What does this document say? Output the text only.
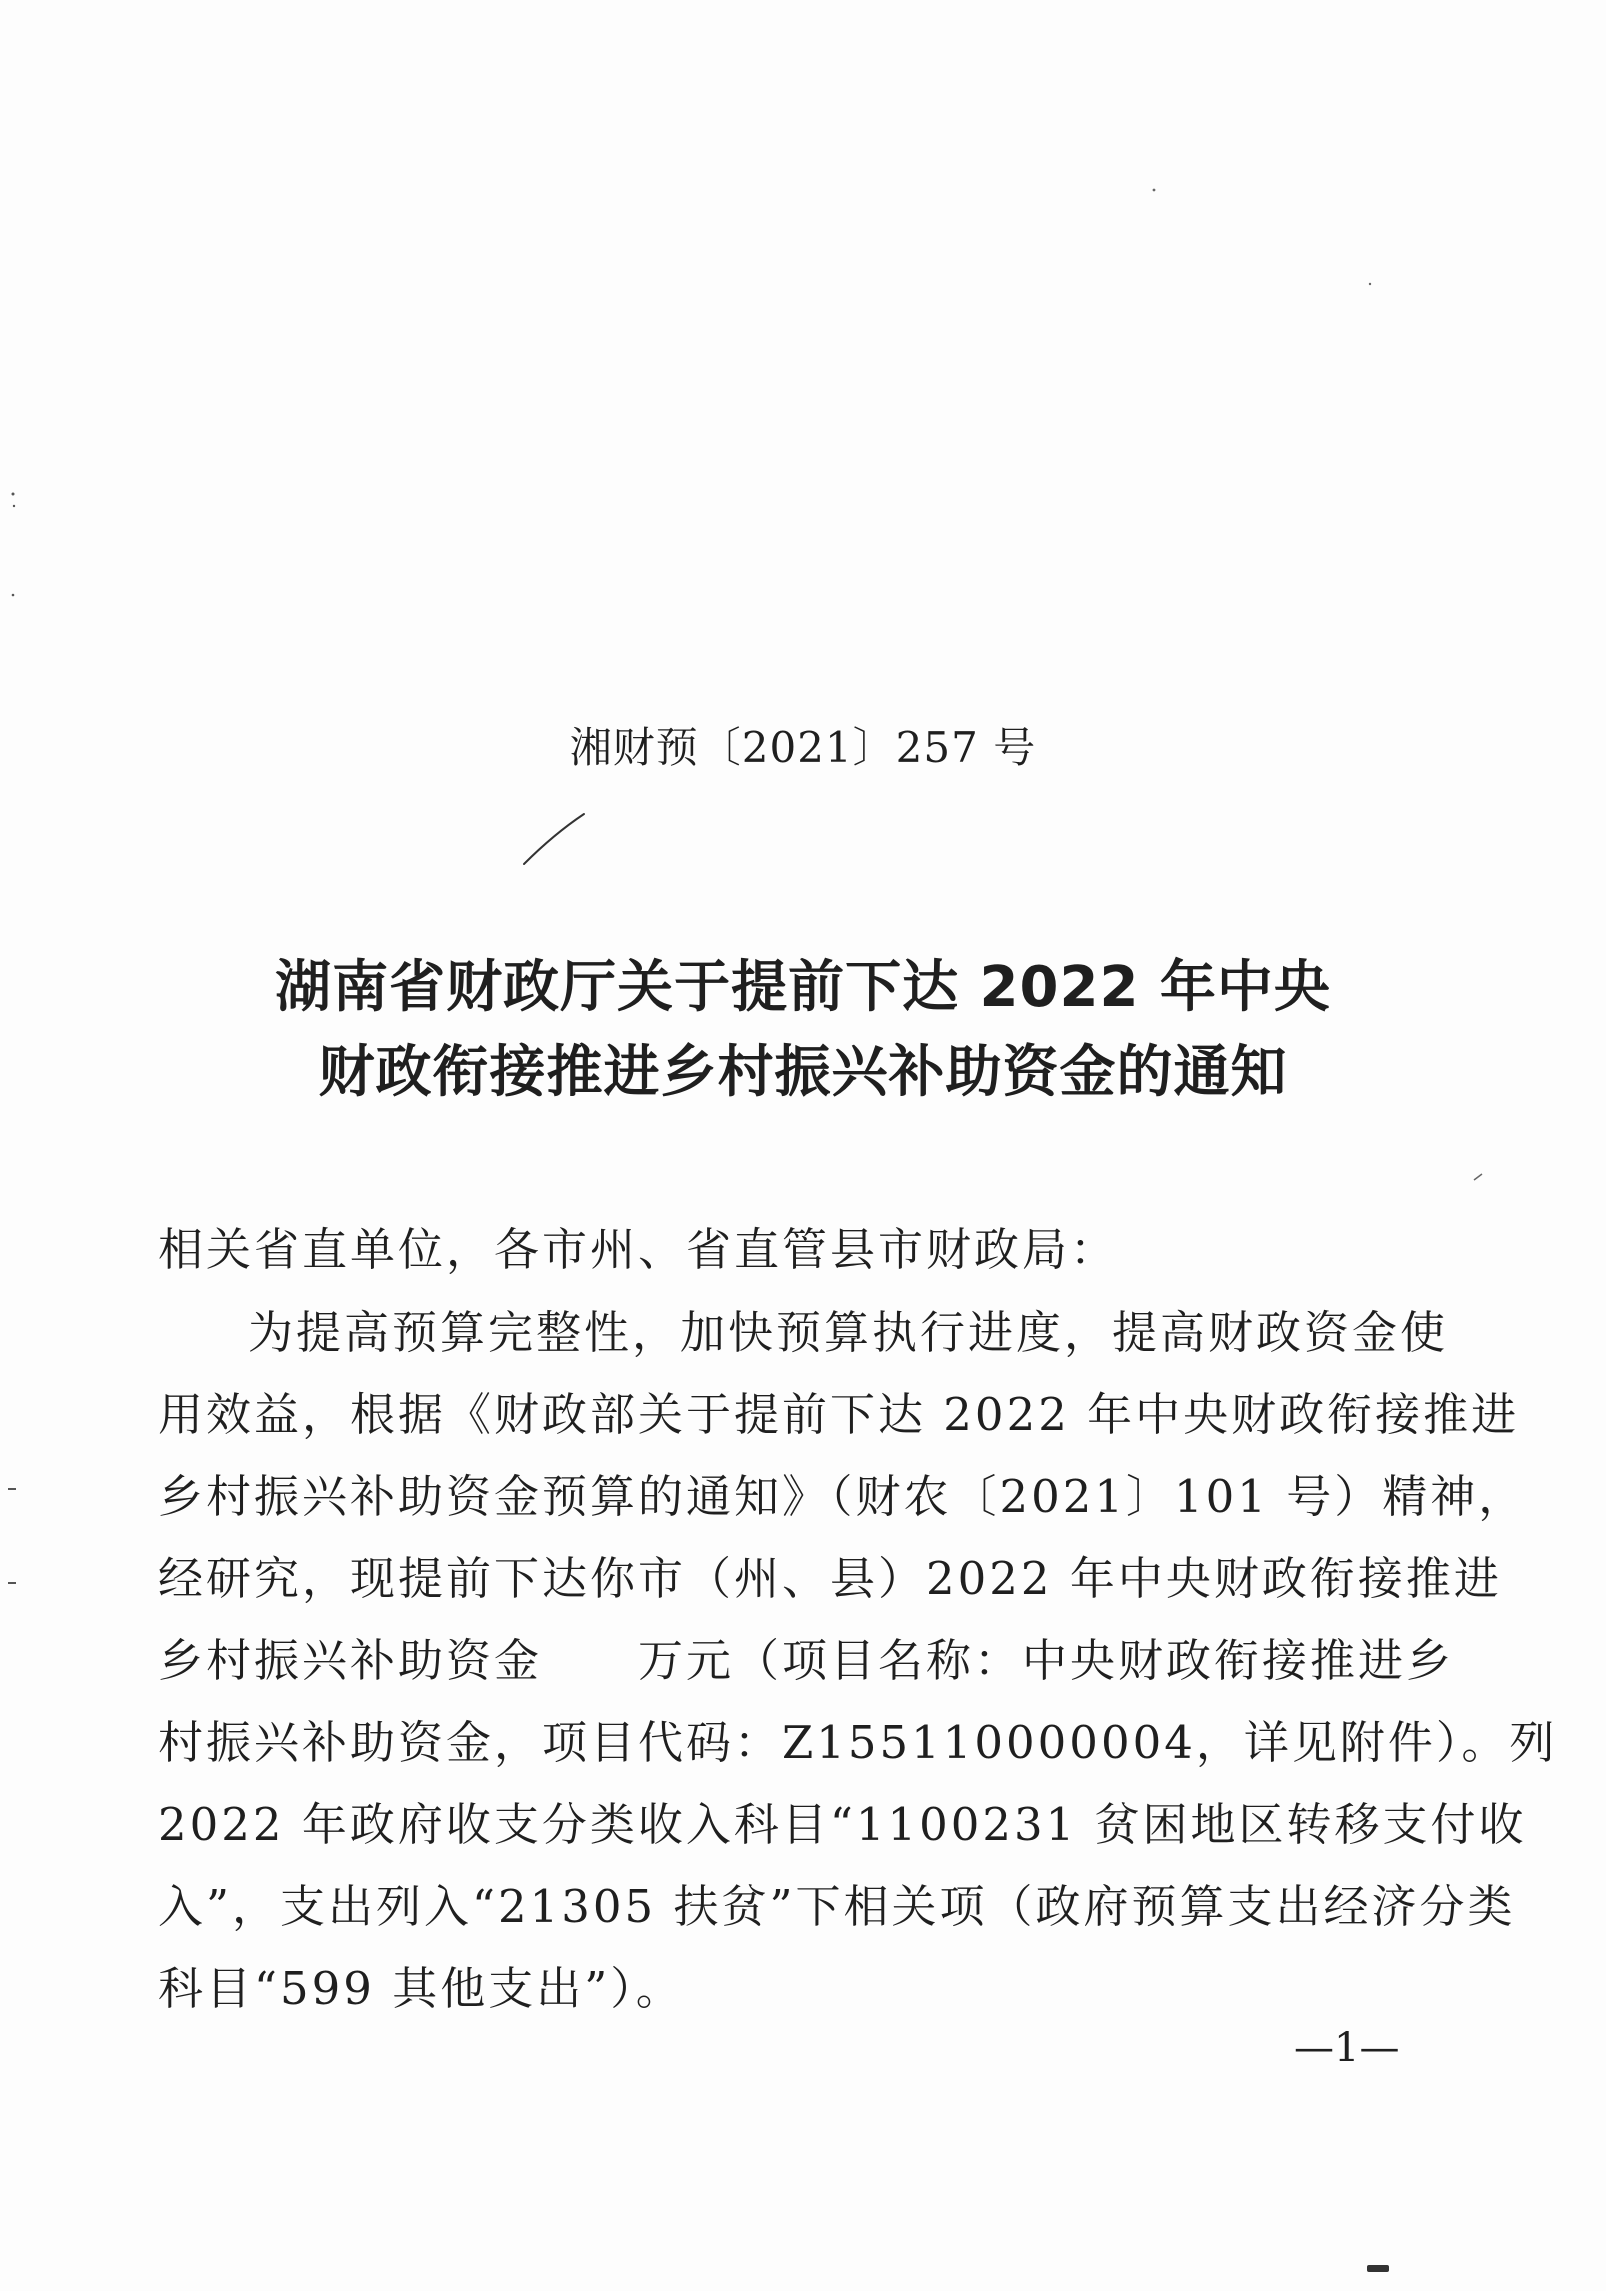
湘财预〔2021〕257 号
湖南省财政厅关于提前下达 2022 年中央
财政衔接推进乡村振兴补助资金的通知
相关省直单位，各市州、省直管县市财政局：
为提高预算完整性，加快预算执行进度，提高财政资金使
用效益，根据《财政部关于提前下达 2022 年中央财政衔接推进
乡村振兴补助资金预算的通知》（财农〔2021〕101 号）精神，
经研究，现提前下达你市（州、县）2022 年中央财政衔接推进
乡村振兴补助资金　　万元（项目名称：中央财政衔接推进乡
村振兴补助资金，项目代码：Z155110000004，详见附件）。列
2022 年政府收支分类收入科目“1100231 贫困地区转移支付收
入”，支出列入“21305 扶贫”下相关项（政府预算支出经济分类
科目“599 其他支出”）。
—1—
